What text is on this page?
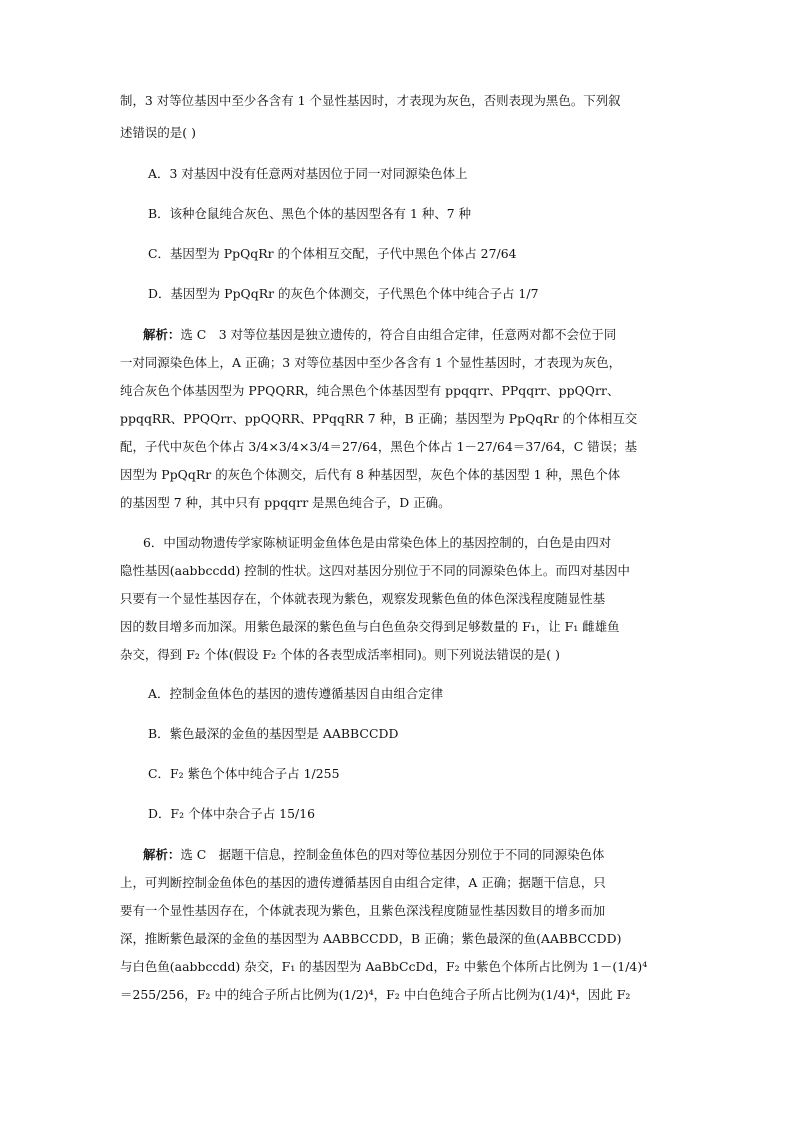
制，3 对等位基因中至少各含有 1 个显性基因时，才表现为灰色，否则表现为黑色。下列叙
述错误的是( )
A．3 对基因中没有任意两对基因位于同一对同源染色体上
B．该种仓鼠纯合灰色、黑色个体的基因型各有 1 种、7 种
C．基因型为 PpQqRr 的个体相互交配，子代中黑色个体占 27/64
D．基因型为 PpQqRr 的灰色个体测交，子代黑色个体中纯合子占 1/7
解析：选 C　3 对等位基因是独立遗传的，符合自由组合定律，任意两对都不会位于同
一对同源染色体上，A 正确；3 对等位基因中至少各含有 1 个显性基因时，才表现为灰色，
纯合灰色个体基因型为 PPQQRR，纯合黑色个体基因型有 ppqqrr、PPqqrr、ppQQrr、
ppqqRR、PPQQrr、ppQQRR、PPqqRR 7 种，B 正确；基因型为 PpQqRr 的个体相互交
配，子代中灰色个体占 3/4×3/4×3/4＝27/64，黑色个体占 1－27/64＝37/64，C 错误；基
因型为 PpQqRr 的灰色个体测交，后代有 8 种基因型，灰色个体的基因型 1 种，黑色个体
的基因型 7 种，其中只有 ppqqrr 是黑色纯合子，D 正确。
6．中国动物遗传学家陈桢证明金鱼体色是由常染色体上的基因控制的，白色是由四对
隐性基因(aabbccdd) 控制的性状。这四对基因分别位于不同的同源染色体上。而四对基因中
只要有一个显性基因存在，个体就表现为紫色，观察发现紫色鱼的体色深浅程度随显性基
因的数目增多而加深。用紫色最深的紫色鱼与白色鱼杂交得到足够数量的 F₁，让 F₁ 雌雄鱼
杂交，得到 F₂ 个体(假设 F₂ 个体的各表型成活率相同)。则下列说法错误的是( )
A．控制金鱼体色的基因的遗传遵循基因自由组合定律
B．紫色最深的金鱼的基因型是 AABBCCDD
C．F₂ 紫色个体中纯合子占 1/255
D．F₂ 个体中杂合子占 15/16
解析：选 C　据题干信息，控制金鱼体色的四对等位基因分别位于不同的同源染色体
上，可判断控制金鱼体色的基因的遗传遵循基因自由组合定律，A 正确；据题干信息，只
要有一个显性基因存在，个体就表现为紫色，且紫色深浅程度随显性基因数目的增多而加
深，推断紫色最深的金鱼的基因型为 AABBCCDD，B 正确；紫色最深的鱼(AABBCCDD)
与白色鱼(aabbccdd) 杂交，F₁ 的基因型为 AaBbCcDd，F₂ 中紫色个体所占比例为 1－(1/4)⁴
＝255/256，F₂ 中的纯合子所占比例为(1/2)⁴，F₂ 中白色纯合子所占比例为(1/4)⁴，因此 F₂
